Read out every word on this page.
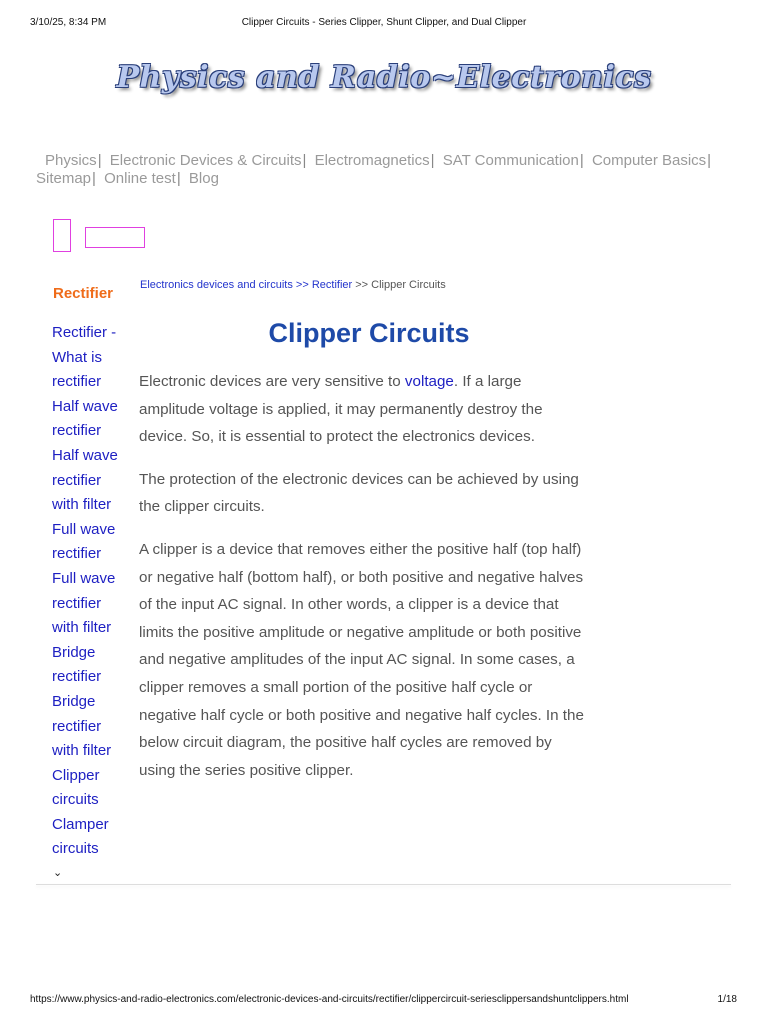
3/10/25, 8:34 PM	Clipper Circuits - Series Clipper, Shunt Clipper, and Dual Clipper
Physics and Radio~Electronics
Physics| Electronic Devices & Circuits| Electromagnetics| SAT Communication| Computer Basics| Sitemap| Online test| Blog
Rectifier
Rectifier - What is rectifier
Half wave rectifier
Half wave rectifier with filter
Full wave rectifier
Full wave rectifier with filter
Bridge rectifier
Bridge rectifier with filter
Clipper circuits
Clamper circuits
Electronics devices and circuits >> Rectifier >> Clipper Circuits
Clipper Circuits

Electronic devices are very sensitive to voltage. If a large amplitude voltage is applied, it may permanently destroy the device. So, it is essential to protect the electronics devices.

The protection of the electronic devices can be achieved by using the clipper circuits.

A clipper is a device that removes either the positive half (top half) or negative half (bottom half), or both positive and negative halves of the input AC signal. In other words, a clipper is a device that limits the positive amplitude or negative amplitude or both positive and negative amplitudes of the input AC signal. In some cases, a clipper removes a small portion of the positive half cycle or negative half cycle or both positive and negative half cycles. In the below circuit diagram, the positive half cycles are removed by using the series positive clipper.

⌄
https://www.physics-and-radio-electronics.com/electronic-devices-and-circuits/rectifier/clippercircuit-seriesclippersandshuntclippers.html	1/18
